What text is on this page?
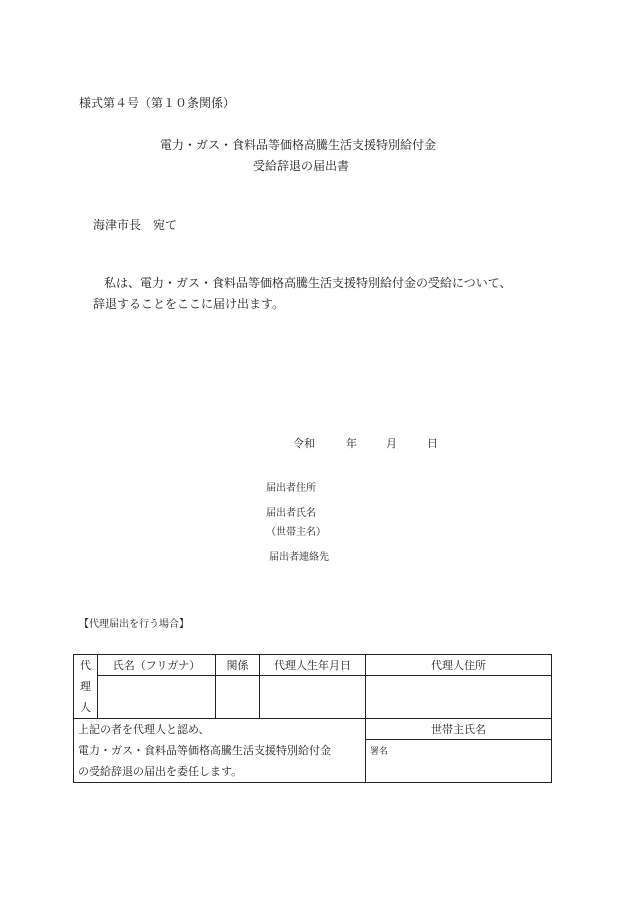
様式第４号（第１０条関係）
電力・ガス・食料品等価格高騰生活支援特別給付金
受給辞退の届出書
海津市長　宛て
私は、電力・ガス・食料品等価格高騰生活支援特別給付金の受給について、
辞退することをここに届け出ます。
令和	年	月	日
届出者住所
届出者氏名
（世帯主名）
届出者連絡先
【代理届出を行う場合】
代
理
人	氏名（フリガナ）	関係	代理人生年月日	代理人住所

上記の者を代理人と認め、
電力・ガス・食料品等価格高騰生活支援特別給付金
の受給辞退の届出を委任します。				世帯主氏名
				署名
